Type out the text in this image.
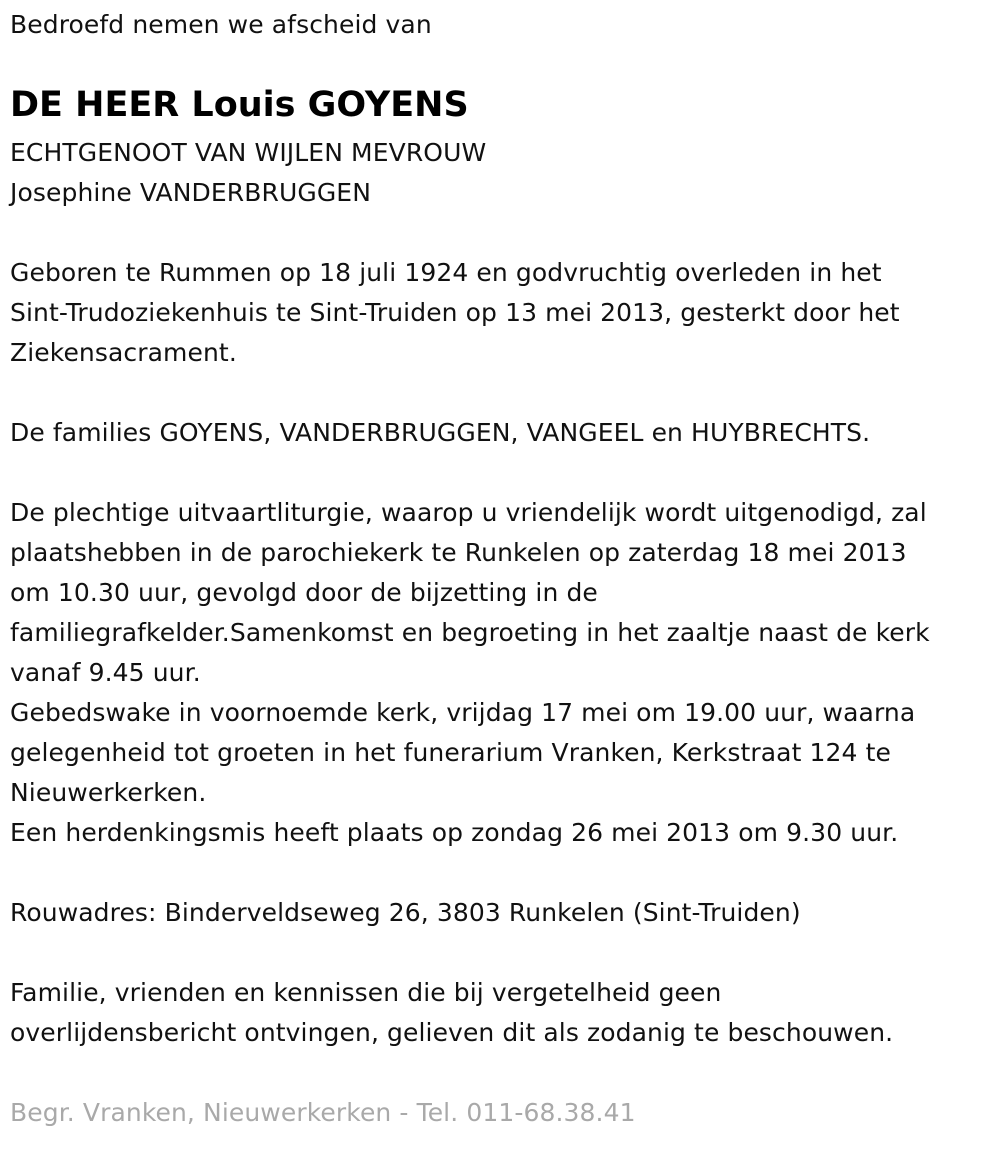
Bedroefd nemen we afscheid van
DE HEER Louis GOYENS
ECHTGENOOT VAN WIJLEN MEVROUW
Josephine VANDERBRUGGEN
Geboren te Rummen op 18 juli 1924 en godvruchtig overleden in het
Sint-Trudoziekenhuis te Sint-Truiden op 13 mei 2013, gesterkt door het
Ziekensacrament.
De families GOYENS, VANDERBRUGGEN, VANGEEL en HUYBRECHTS.
De plechtige uitvaartliturgie, waarop u vriendelijk wordt uitgenodigd, zal
plaatshebben in de parochiekerk te Runkelen op zaterdag 18 mei 2013
om 10.30 uur, gevolgd door de bijzetting in de
familiegrafkelder.Samenkomst en begroeting in het zaaltje naast de kerk
vanaf 9.45 uur.
Gebedswake in voornoemde kerk, vrijdag 17 mei om 19.00 uur, waarna
gelegenheid tot groeten in het funerarium Vranken, Kerkstraat 124 te
Nieuwerkerken.
Een herdenkingsmis heeft plaats op zondag 26 mei 2013 om 9.30 uur.
Rouwadres: Binderveldseweg 26, 3803 Runkelen (Sint-Truiden)
Familie, vrienden en kennissen die bij vergetelheid geen
overlijdensbericht ontvingen, gelieven dit als zodanig te beschouwen.
Begr. Vranken, Nieuwerkerken - Tel. 011-68.38.41
